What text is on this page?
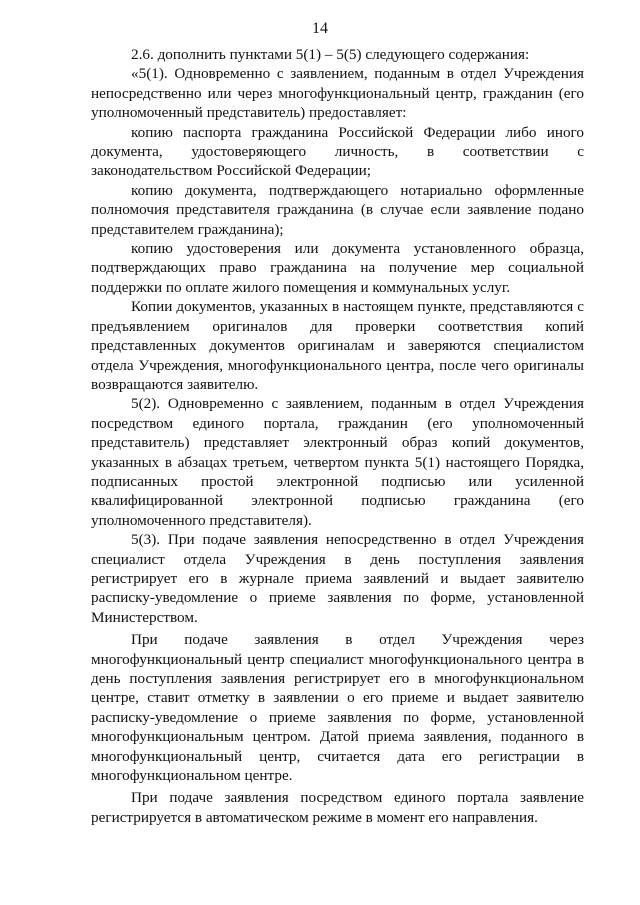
14

2.6. дополнить пунктами 5(1) – 5(5) следующего содержания:

«5(1). Одновременно с заявлением, поданным в отдел Учреждения непосредственно или через многофункциональный центр, гражданин (его уполномоченный представитель) предоставляет:

копию паспорта гражданина Российской Федерации либо иного документа, удостоверяющего личность, в соответствии с законодательством Российской Федерации;

копию документа, подтверждающего нотариально оформленные полномочия представителя гражданина (в случае если заявление подано представителем гражданина);

копию удостоверения или документа установленного образца, подтверждающих право гражданина на получение мер социальной поддержки по оплате жилого помещения и коммунальных услуг.

Копии документов, указанных в настоящем пункте, представляются с предъявлением оригиналов для проверки соответствия копий представленных документов оригиналам и заверяются специалистом отдела Учреждения, многофункционального центра, после чего оригиналы возвращаются заявителю.

5(2). Одновременно с заявлением, поданным в отдел Учреждения посредством единого портала, гражданин (его уполномоченный представитель) представляет электронный образ копий документов, указанных в абзацах третьем, четвертом пункта 5(1) настоящего Порядка, подписанных простой электронной подписью или усиленной квалифицированной электронной подписью гражданина (его уполномоченного представителя).

5(3). При подаче заявления непосредственно в отдел Учреждения специалист отдела Учреждения в день поступления заявления регистрирует его в журнале приема заявлений и выдает заявителю расписку-уведомление о приеме заявления по форме, установленной Министерством.

При подаче заявления в отдел Учреждения через многофункциональный центр специалист многофункционального центра в день поступления заявления регистрирует его в многофункциональном центре, ставит отметку в заявлении о его приеме и выдает заявителю расписку-уведомление о приеме заявления по форме, установленной многофункциональным центром. Датой приема заявления, поданного в многофункциональный центр, считается дата его регистрации в многофункциональном центре.

При подаче заявления посредством единого портала заявление регистрируется в автоматическом режиме в момент его направления.
